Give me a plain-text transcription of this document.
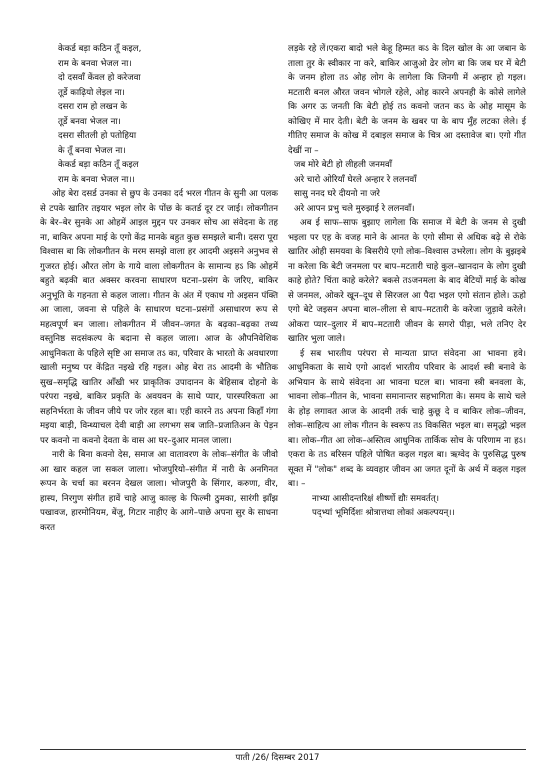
केकर्ड बड़ा कठिन तूँ कइल,
राम के बनवा भेजल ना।
दो दसवाँ केंवल हो करेजवा
तूर्डे काढ़ियो लेइल ना।
दसरा राम हो लखन के
तूर्डे बनवा भेजल ना।
दसरा सीतली हो पतोहिया
के तूँ बनवा भेजल ना।
केकर्ड बड़ा कठिन तूँ कइल
राम के बनवा भेजल ना।।

ओह बेरा दसर्ड उनका से छुप के उनका दर्द भरल गीतन के सुनी आ पलक से टपके खातिर तइयार भइल लोर के पोंछ के कतर्ड दूर टर जाई। लोकगीतन के बेर–बेर सुनके आ ओहमें आइल मुद्दन पर उनकर सोच आ संवेदना के तह ना, बाकिर अपना माई के एगो केंद्र मानके बहुत कुछ समझले बानी। दसरा पूरा विश्वास बा कि लोकगीतन के मरम समझे वाला हर आदमी अइसने अनुभव से गुजरत होई। औरत लोग के गाये वाला लोकगीतन के सामान्य हऽ कि ओहमें बहुते बढ़की बात अक्सर करवना साधारण घटना–प्रसंग के जरिए, बाकिर अनुभूति के गहनता से कहल जाला। गीतन के अंत में एकाध गो अइसन पंक्ति आ जाला, जवना से पहिले के साधारण घटना–प्रसंगों असाधारण रूप से महत्वपूर्ण बन जाला। लोकगीतन में जीवन–जगत के बढ़का–बढ़का तथ्य वस्तुनिष्ठ सदसंकल्प के बदाना से कहल जाला। आज के औपनिवेशिक आधुनिकता के पहिले सृष्टि आ समाज तऽ का, परिवार के भारतो के अवधारणा खाली मनुष्य पर केंद्रित नइखे रहि गइल। ओह बेरा तऽ आदमी के भौतिक सुख–समृद्धि खातिर आँखी भर प्राकृतिक उपादानन के बेहिसाब दोहनो के परंपरा नइखे, बाकिर प्रकृति के अवयवन के साथे प्यार, पारस्परिकता आ सहनिर्भरता के जीवन जीये पर जोर रहल बा। एही कारने तऽ अपना किहाँ गंगा मइया बाड़ी, विन्ध्याचल देवी बाड़ी आ लगभग सब जाति–प्रजातिअन के पेड़न पर कवनो ना कवनो देवता के वास आ घर–दुआर मानल जाला।

नारी के बिना कवनो देस, समाज आ वातावरण के लोक–संगीत के जीवो आ खार कहल जा सकल जाला। भोजपुरियो–संगीत में नारी के अनगिनत रूपन के चर्चा का बरनन देखल जाला। भोजपुरी के सिंगार, करुणा, वीर, हास्य, निरगुण संगीत हावें चाहे आजु काल्ह के फिल्मी ठुमका, सारंगी झाँझ पखावज, हारमोनियम, बेंजु, गिटार नाहीए के आगे–पाछे अपना सुर के साधना करत

लड़के रहे लें।एकरा बादो भले केहू हिम्मत कऽ के दिल खोल के आ जबान के ताला तुर के स्वीकार ना करे, बाकिर आजुओ ढेर लोग बा कि जब घर में बेटी के जनम होला तऽ ओह लोग के लागेला कि जिनगी में अन्हार हो गइल। मटतारी बनल औरत जवन भोगले रहेले, ओह कारने अपनही के कोसे लागेले कि अगर ऊ जनती कि बेटी होई तऽ कवनो जतन कऽ के ओह मासूम के कोखिए में मार देती। बेटी के जनम के खबर पा के बाप मुँह लटका लेले। ई गीतिए समाज के कोख में दबाइल समाज के चित्र आ दस्तावेज बा। एगो गीत देखीं ना –

जब मोरे बेटी हो लीहली जनमवाँ
अरे चारो ओरियाँ घेरले अन्हार रे ललनवाँ
सासु ननद घरे दीयनो ना जरे
अरे आपन प्रभु चले मुरुझाई रे ललनवाँ।

अब ई साफ–साफ बुझाए लागेला कि समाज में बेटी के जनम से दुखी भइला पर एह के वजह माने के आनत के एगो सीमा से अधिक बढ़े से रोके खातिर ओही समयवा के बिसरीये एगो लोक–विश्वास उभरेला। लोग के बुझइबे ना करेला कि बेटी जनमला पर बाप–मटतारी चाहे कुल–खानदान के लोग दुखी काहे होते? चिंता काहे करेले? बकसे तऽजनमला के बाद बेटियों माई के कोख से जनमल, ओकरे खून–दूध से सिरजल आ पैदा भइल एगो संतान होले। ऊहो एगो बेटे जइसन अपना बाल–लीला से बाप–मटतारी के करेजा जुड़ावे करेले। ओकरा प्यार–दुलार में बाप–मटतारी जीवन के सगरो पीड़ा, भले तनिए देर खातिर भुला जाले।

ई सब भारतीय परंपरा से मान्यता प्राप्त संवेदना आ भावना हवे। आधुनिकता के साथे एगो आदर्श भारतीय परिवार के आदर्श स्त्री बनावे के अभियान के साथे संवेदना आ भावना घटल बा। भावना स्त्री बनवला के, भावना लोक–गीतन के, भावना समानान्तर सहभागिता के। समय के साथे चले के होड़ लगावत आज के आदमी तर्क चाहे कुछू दे व बाकिर लोक–जीवन, लोक–साहित्य आ लोक गीतन के स्वरूप तऽ विकसित भइल बा। समृद्धो भइल बा। लोक–गीत आ लोक–अस्तित्व आधुनिक तार्किक सोच के परिणाम ना हऽ। एकरा के तऽ बरिसन पहिले पोषित कइल गइल बा। ऋग्वेद के पुरुसिद्ध पुरुष सूक्त में "लोक" शब्द के व्यवहार जीवन आ जगत दूनों के अर्थ में कइल गइल बा। –

नाभ्या आसीदन्तरिक्षं शीर्ष्णो द्यौः समवर्तत्।
पद्भ्यां भूमिर्दिशः श्रोत्रात्तथा लोकां अकल्पयन्।।
पाती /26/ दिसम्बर 2017
